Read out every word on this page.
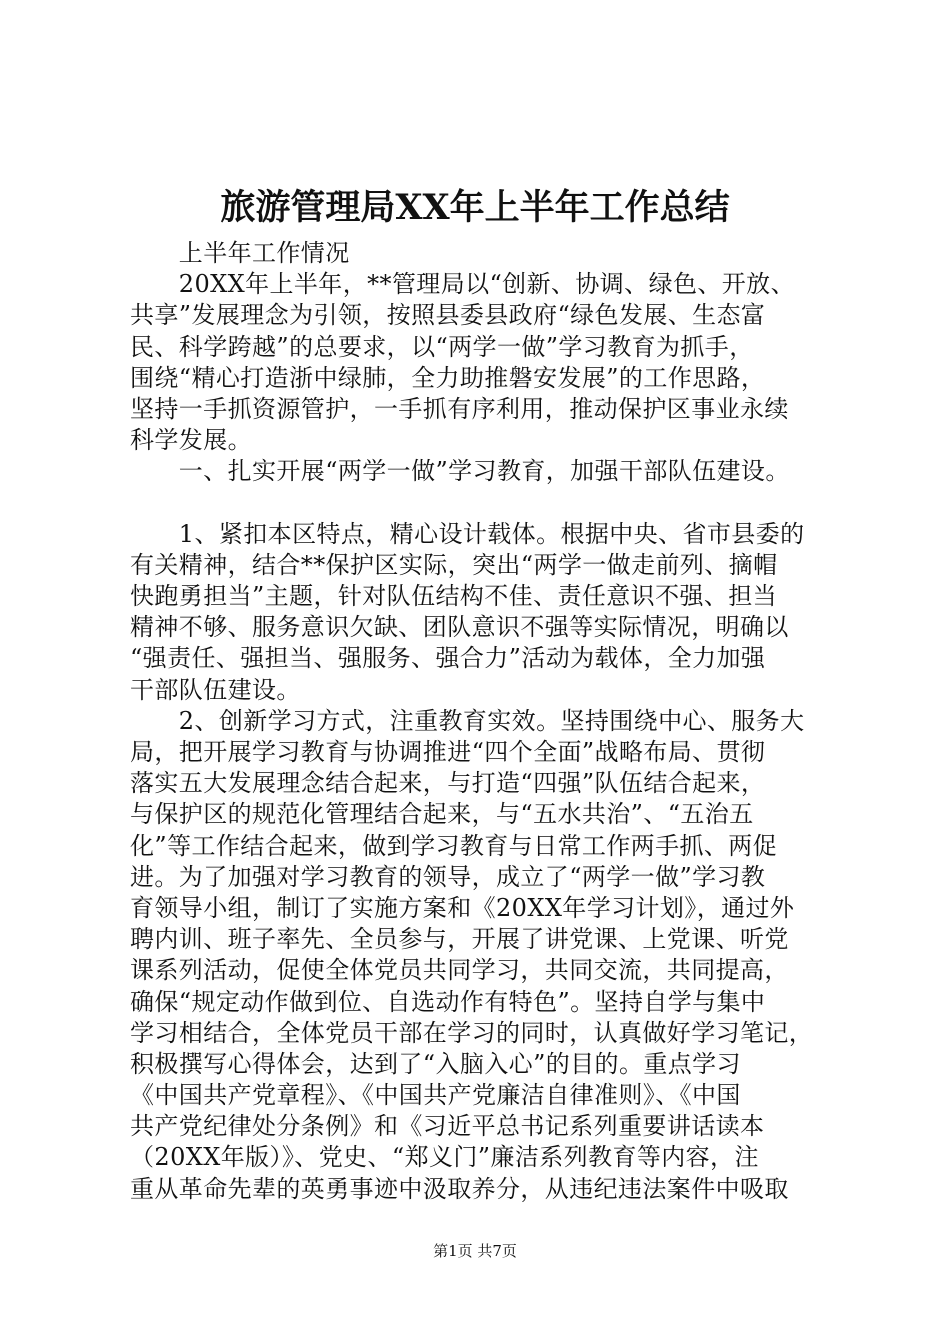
旅游管理局XX年上半年工作总结
　　上半年工作情况
　　20XX年上半年，**管理局以“创新、协调、绿色、开放、
共享”发展理念为引领，按照县委县政府“绿色发展、生态富
民、科学跨越”的总要求，以“两学一做”学习教育为抓手，
围绕“精心打造浙中绿肺，全力助推磐安发展”的工作思路，
坚持一手抓资源管护，一手抓有序利用，推动保护区事业永续
科学发展。
　　一、扎实开展“两学一做”学习教育，加强干部队伍建设。
　　1、紧扣本区特点，精心设计载体。根据中央、省市县委的
有关精神，结合**保护区实际，突出“两学一做走前列、摘帽
快跑勇担当”主题，针对队伍结构不佳、责任意识不强、担当
精神不够、服务意识欠缺、团队意识不强等实际情况，明确以
“强责任、强担当、强服务、强合力”活动为载体，全力加强
干部队伍建设。
　　2、创新学习方式，注重教育实效。坚持围绕中心、服务大
局，把开展学习教育与协调推进“四个全面”战略布局、贯彻
落实五大发展理念结合起来，与打造“四强”队伍结合起来，
与保护区的规范化管理结合起来，与“五水共治”、“五治五
化”等工作结合起来，做到学习教育与日常工作两手抓、两促
进。为了加强对学习教育的领导，成立了“两学一做”学习教
育领导小组，制订了实施方案和《20XX年学习计划》，通过外
聘内训、班子率先、全员参与，开展了讲党课、上党课、听党
课系列活动，促使全体党员共同学习，共同交流，共同提高，
确保“规定动作做到位、自选动作有特色”。坚持自学与集中
学习相结合，全体党员干部在学习的同时，认真做好学习笔记，
积极撰写心得体会，达到了“入脑入心”的目的。重点学习
《中国共产党章程》、《中国共产党廉洁自律准则》、《中国
共产党纪律处分条例》和《习近平总书记系列重要讲话读本
（20XX年版）》、党史、“郑义门”廉洁系列教育等内容，注
重从革命先辈的英勇事迹中汲取养分，从违纪违法案件中吸取
第1页 共7页
